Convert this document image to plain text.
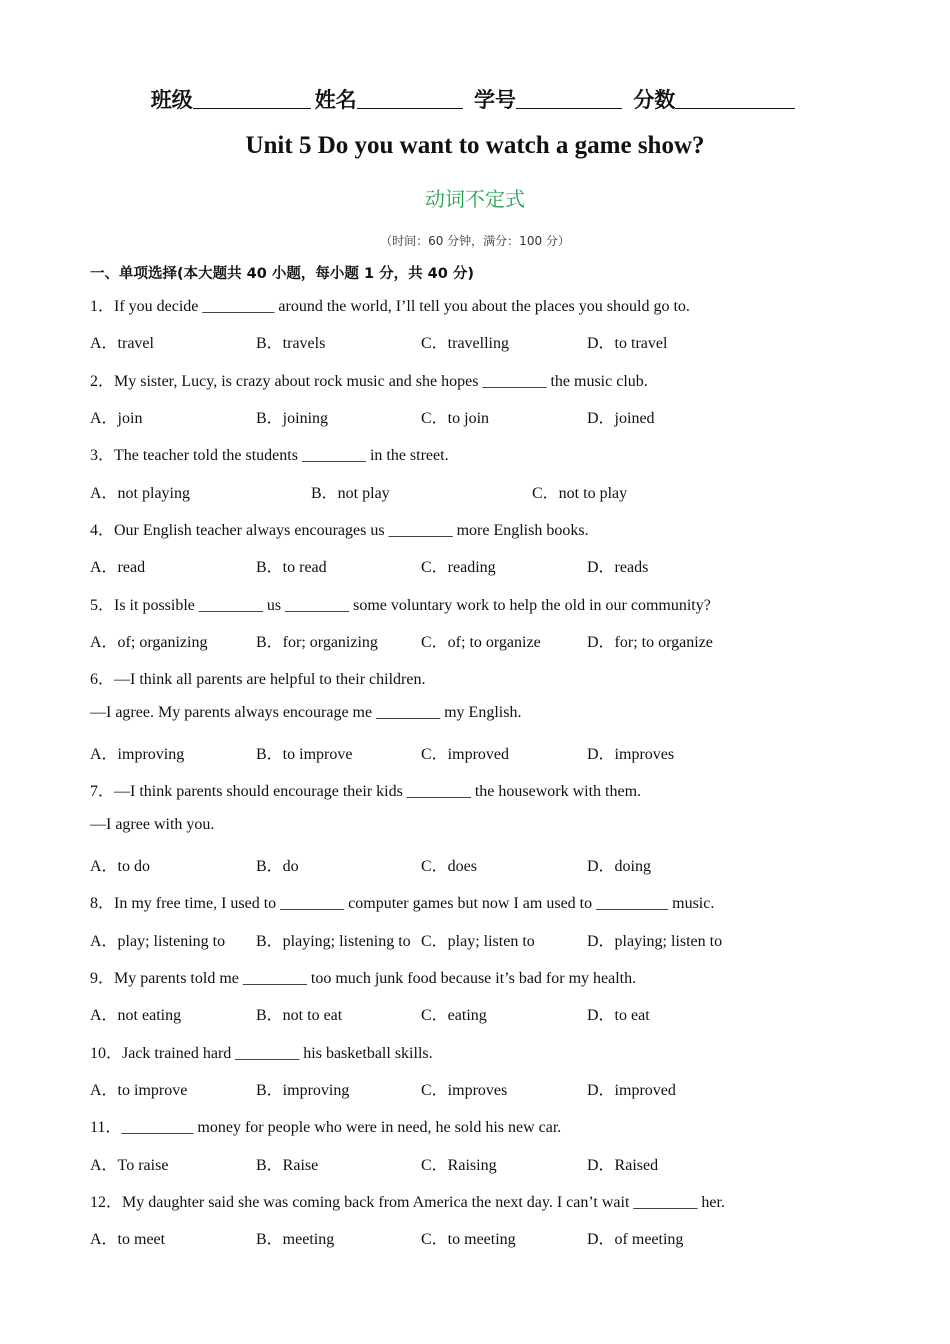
班级	姓名	学号	分数
Unit 5 Do you want to watch a game show?
动词不定式
（时间：60 分钟，满分：100 分）
一、单项选择(本大题共 40 小题，每小题 1 分，共 40 分)
1．If you decide _________ around the world, I’ll tell you about the places you should go to.
A．travel	B．travels	C．travelling	D．to travel
2．My sister, Lucy, is crazy about rock music and she hopes ________ the music club.
A．join	B．joining	C．to join	D．joined
3．The teacher told the students ________ in the street.
A．not playing	B．not play	C．not to play
4．Our English teacher always encourages us ________ more English books.
A．read	B．to read	C．reading	D．reads
5．Is it possible ________ us ________ some voluntary work to help the old in our community?
A．of; organizing	B．for; organizing	C．of; to organize	D．for; to organize
6．—I think all parents are helpful to their children.
—I agree. My parents always encourage me ________ my English.
A．improving	B．to improve	C．improved	D．improves
7．—I think parents should encourage their kids ________ the housework with them.
—I agree with you.
A．to do	B．do	C．does	D．doing
8．In my free time, I used to ________ computer games but now I am used to _________ music.
A．play; listening to B．playing; listening to C．play; listen to	D．playing; listen to
9．My parents told me ________ too much junk food because it’s bad for my health.
A．not eating	B．not to eat	C．eating	D．to eat
10．Jack trained hard ________ his basketball skills.
A．to improve	B．improving	C．improves	D．improved
11．_________ money for people who were in need, he sold his new car.
A．To raise	B．Raise	C．Raising	D．Raised
12．My daughter said she was coming back from America the next day. I can’t wait ________ her.
A．to meet	B．meeting	C．to meeting	D．of meeting
